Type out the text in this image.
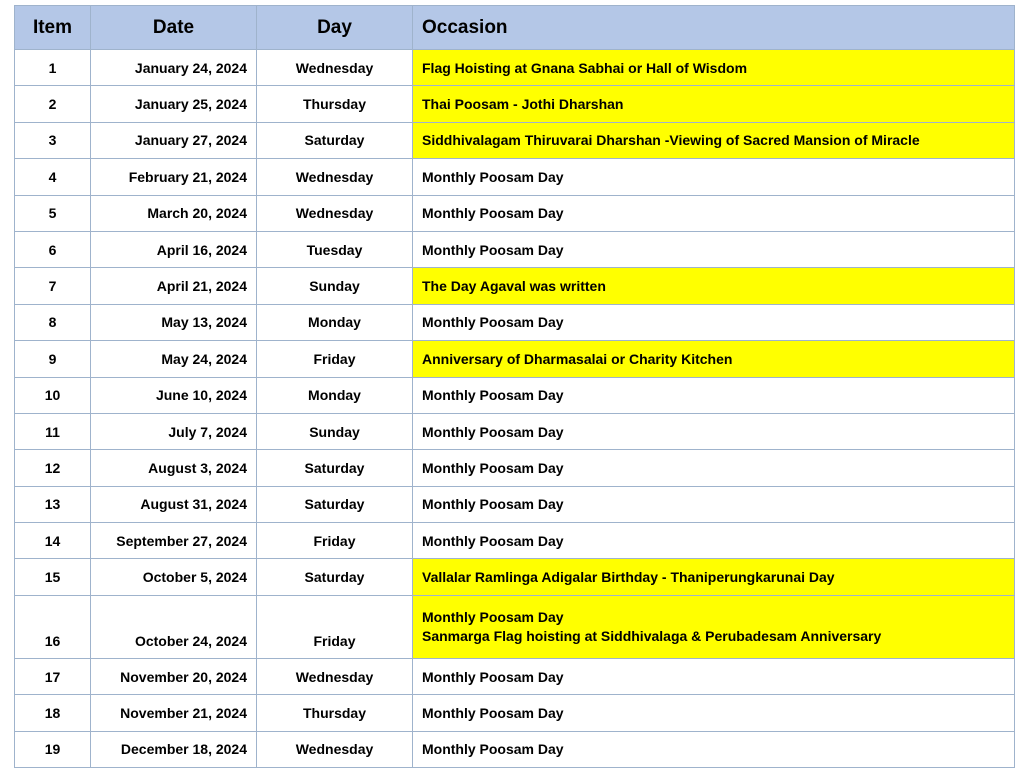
Item	Date	Day	Occasion
1	January 24, 2024	Wednesday	Flag Hoisting at Gnana Sabhai or Hall of Wisdom

2	January 25, 2024	Thursday	Thai Poosam - Jothi Dharshan

3	January 27, 2024	Saturday	Siddhivalagam Thiruvarai Dharshan -Viewing of Sacred Mansion of Miracle

4	February 21, 2024	Wednesday	Monthly Poosam Day

5	March 20, 2024	Wednesday	Monthly Poosam Day

6	April 16, 2024	Tuesday	Monthly Poosam Day

7	April 21, 2024	Sunday	The Day Agaval was written

8	May 13, 2024	Monday	Monthly Poosam Day

9	May 24, 2024	Friday	Anniversary of Dharmasalai or Charity Kitchen

10	June 10, 2024	Monday	Monthly Poosam Day

11	July 7, 2024	Sunday	Monthly Poosam Day

12	August 3, 2024	Saturday	Monthly Poosam Day

13	August 31, 2024	Saturday	Monthly Poosam Day

14	September 27, 2024	Friday	Monthly Poosam Day

15	October 5, 2024	Saturday	Vallalar Ramlinga Adigalar Birthday - Thaniperungkarunai Day

16	October 24, 2024	Friday	Monthly Poosam Day
Sanmarga Flag hoisting at Siddhivalaga & Perubadesam Anniversary

17	November 20, 2024	Wednesday	Monthly Poosam Day

18	November 21, 2024	Thursday	Monthly Poosam Day

19	December 18, 2024	Wednesday	Monthly Poosam Day
